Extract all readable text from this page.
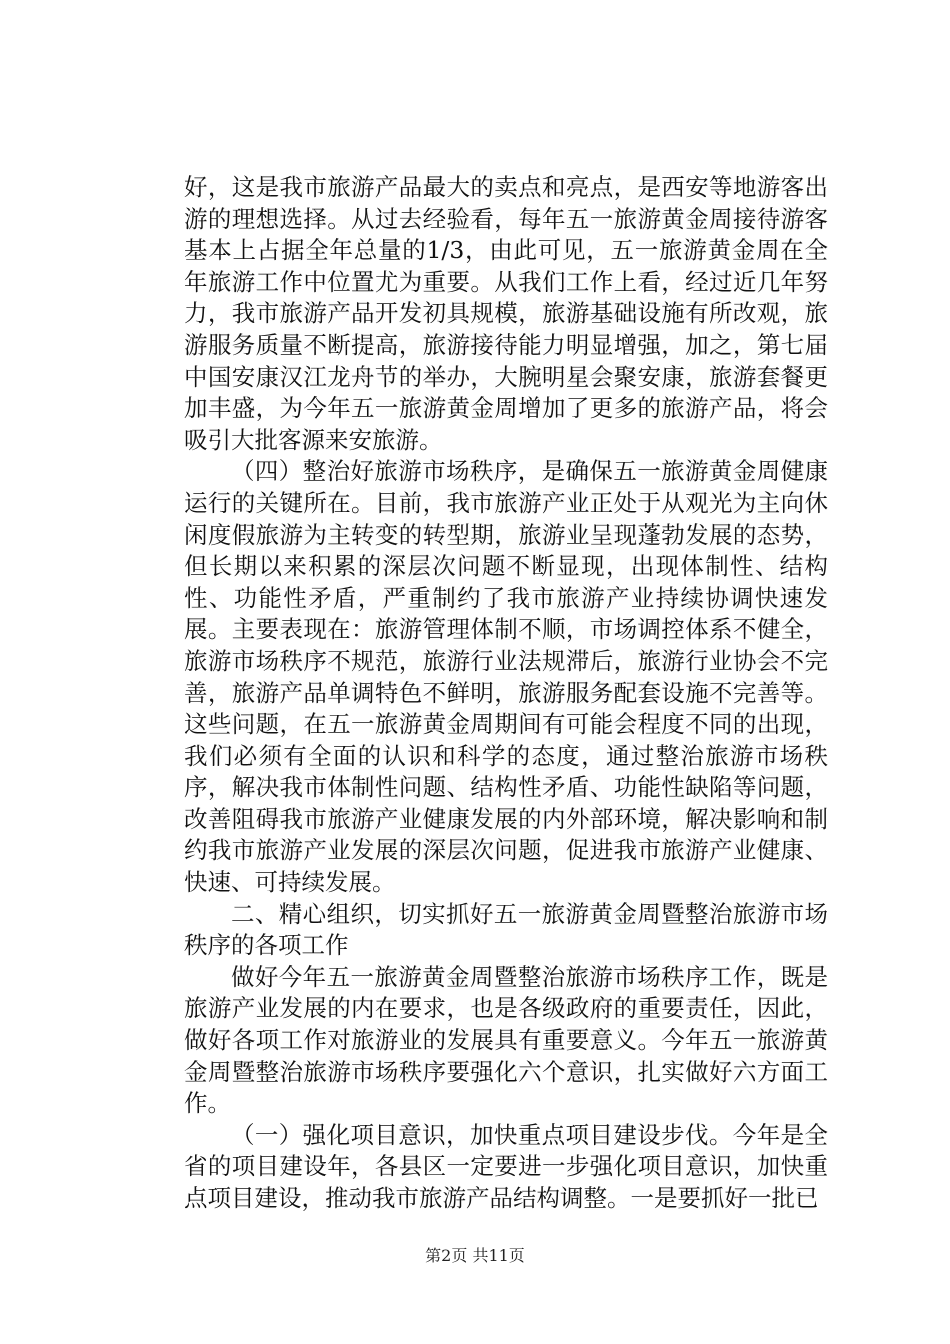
好，这是我市旅游产品最大的卖点和亮点，是西安等地游客出游的理想选择。从过去经验看，每年五一旅游黄金周接待游客基本上占据全年总量的1/3，由此可见，五一旅游黄金周在全年旅游工作中位置尤为重要。从我们工作上看，经过近几年努力，我市旅游产品开发初具规模，旅游基础设施有所改观，旅游服务质量不断提高，旅游接待能力明显增强，加之，第七届中国安康汉江龙舟节的举办，大腕明星会聚安康，旅游套餐更加丰盛，为今年五一旅游黄金周增加了更多的旅游产品，将会吸引大批客源来安旅游。

（四）整治好旅游市场秩序，是确保五一旅游黄金周健康运行的关键所在。目前，我市旅游产业正处于从观光为主向休闲度假旅游为主转变的转型期，旅游业呈现蓬勃发展的态势，但长期以来积累的深层次问题不断显现，出现体制性、结构性、功能性矛盾，严重制约了我市旅游产业持续协调快速发展。主要表现在：旅游管理体制不顺，市场调控体系不健全，旅游市场秩序不规范，旅游行业法规滞后，旅游行业协会不完善，旅游产品单调特色不鲜明，旅游服务配套设施不完善等。这些问题，在五一旅游黄金周期间有可能会程度不同的出现，我们必须有全面的认识和科学的态度，通过整治旅游市场秩序，解决我市体制性问题、结构性矛盾、功能性缺陷等问题，改善阻碍我市旅游产业健康发展的内外部环境，解决影响和制约我市旅游产业发展的深层次问题，促进我市旅游产业健康、快速、可持续发展。

二、精心组织，切实抓好五一旅游黄金周暨整治旅游市场秩序的各项工作

做好今年五一旅游黄金周暨整治旅游市场秩序工作，既是旅游产业发展的内在要求，也是各级政府的重要责任，因此，做好各项工作对旅游业的发展具有重要意义。今年五一旅游黄金周暨整治旅游市场秩序要强化六个意识，扎实做好六方面工作。

（一）强化项目意识，加快重点项目建设步伐。今年是全省的项目建设年，各县区一定要进一步强化项目意识，加快重点项目建设，推动我市旅游产品结构调整。一是要抓好一批已

第2页 共11页
